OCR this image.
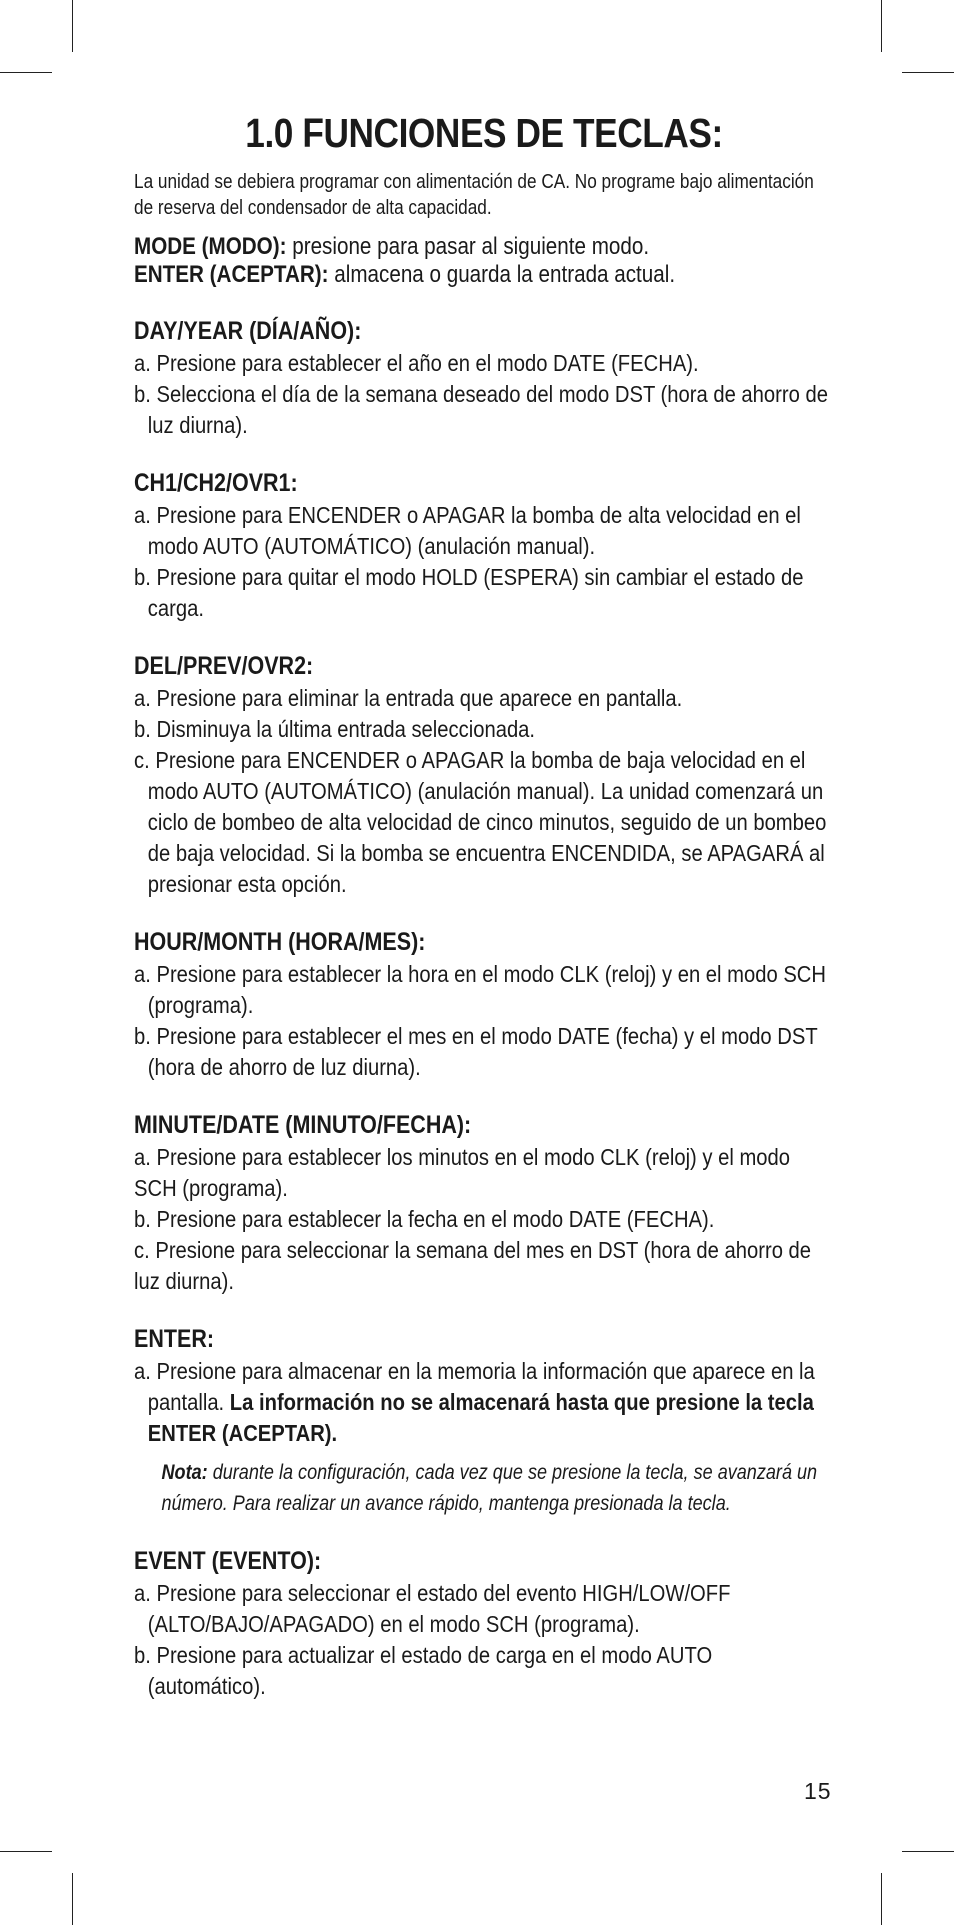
1.0 FUNCIONES DE TECLAS:

La unidad se debiera programar con alimentación de CA. No programe bajo alimentación de reserva del condensador de alta capacidad.

MODE (MODO): presione para pasar al siguiente modo.

ENTER (ACEPTAR): almacena o guarda la entrada actual.

DAY/YEAR (DÍA/AÑO):

a. Presione para establecer el año en el modo DATE (FECHA).

b. Selecciona el día de la semana deseado del modo DST (hora de ahorro de luz diurna).

CH1/CH2/OVR1:

a. Presione para ENCENDER o APAGAR la bomba de alta velocidad en el modo AUTO (AUTOMÁTICO) (anulación manual).

b. Presione para quitar el modo HOLD (ESPERA) sin cambiar el estado de carga.

DEL/PREV/OVR2:

a. Presione para eliminar la entrada que aparece en pantalla.

b. Disminuya la última entrada seleccionada.

c. Presione para ENCENDER o APAGAR la bomba de baja velocidad en el modo AUTO (AUTOMÁTICO) (anulación manual). La unidad comenzará un ciclo de bombeo de alta velocidad de cinco minutos, seguido de un bombeo de baja velocidad. Si la bomba se encuentra ENCENDIDA, se APAGARÁ al presionar esta opción.

HOUR/MONTH (HORA/MES):

a. Presione para establecer la hora en el modo CLK (reloj) y en el modo SCH (programa).

b. Presione para establecer el mes en el modo DATE (fecha) y el modo DST (hora de ahorro de luz diurna).

MINUTE/DATE (MINUTO/FECHA):

a. Presione para establecer los minutos en el modo CLK (reloj) y el modo SCH (programa).

b. Presione para establecer la fecha en el modo DATE (FECHA).

c. Presione para seleccionar la semana del mes en DST (hora de ahorro de luz diurna).

ENTER:

a. Presione para almacenar en la memoria la información que aparece en la pantalla. La información no se almacenará hasta que presione la tecla ENTER (ACEPTAR).

Nota: durante la configuración, cada vez que se presione la tecla, se avanzará un número. Para realizar un avance rápido, mantenga presionada la tecla.

EVENT (EVENTO):

a. Presione para seleccionar el estado del evento HIGH/LOW/OFF (ALTO/BAJO/APAGADO) en el modo SCH (programa).

b. Presione para actualizar el estado de carga en el modo AUTO (automático).

15
